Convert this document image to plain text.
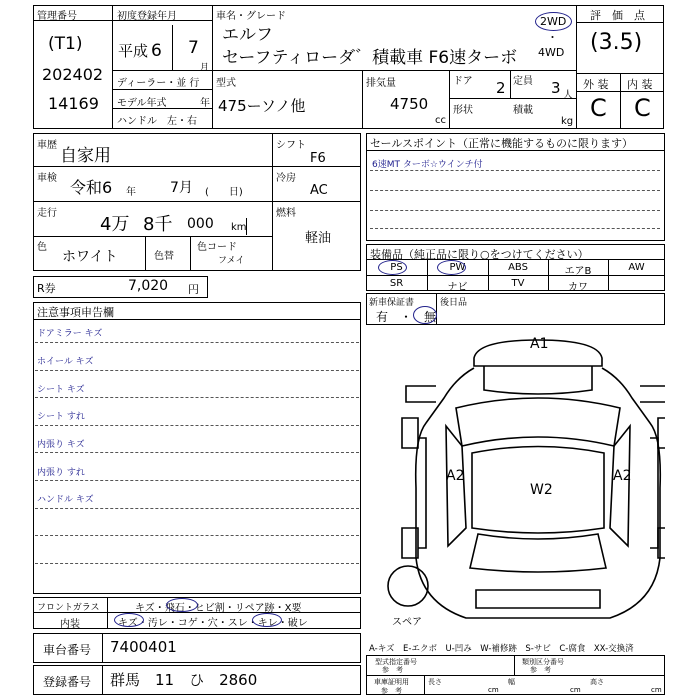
管理番号
(T1)
202402
14169
初度登録年月
平成 6 7
月
ディーラー・並 行
モデル年式	年
ハンドル　左・右
車名・グレード
エルフ
セーフティローダ゛積載車 F6速ターボ
2WD
・
4WD
型式
475ーソノ他
排気量
4750
cc
ドア 2 定員 3 人
形状	積載
kg
評　価　点
(3.5)
外 装 内 装
C C
車歴
自家用
車検 令和6 年 7月 (　　日)
走行
4万 8千 000 km
色
ホワイト	色替
色コード
フメイ
シフト
F6
冷房
AC
燃料
軽油
R券	7,020 円
セールスポイント（正常に機能するものに限ります）
6速MT ターボ☆ウインチ付
装備品（純正品に限り○をつけてください）
PS	PW	ABS	エアB	AW
SR	ナビ	TV	カワ
新車保証書
有　・　無
後日品
注意事項申告欄
ドアミラー キズ
ホイール キズ
シート キズ
シート すれ
内張り キズ
内張り すれ
ハンドル キズ
A1
A2	A2
W2
スペア
フロントガラス	キズ・飛石・ヒビ割・リペア跡・X要
内装	キズ・汚レ・コゲ・穴・スレ・キレ・破レ
車台番号 7400401
登録番号 群馬　11　ひ　2860
A-キズ　E-エクボ　U-凹み　W-補修跡　S-サビ　C-腐食　XX-交換済
型式指定番号
参　考
類別区分番号
参　考
車庫証明用
参　考
長さ
cm
幅
cm
高さ
cm
